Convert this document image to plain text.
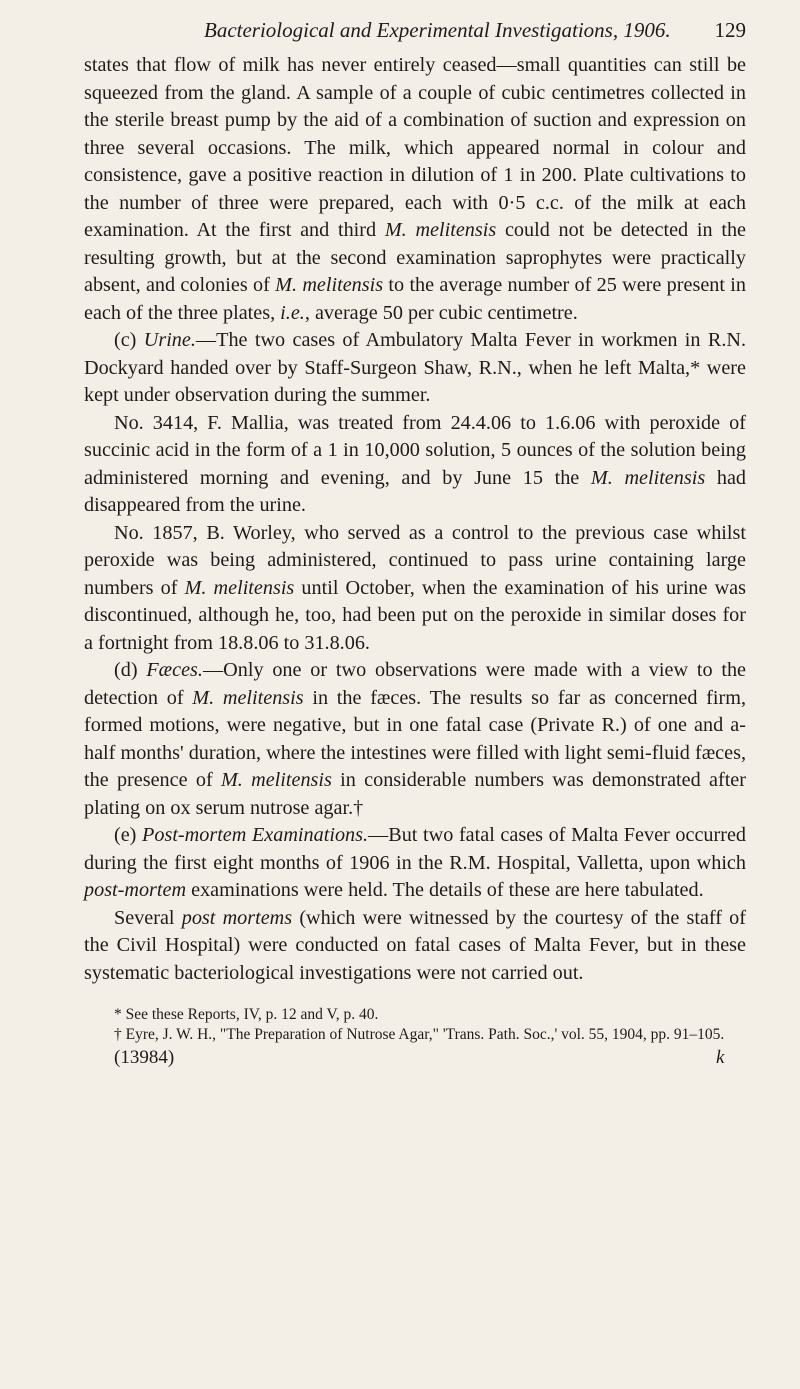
Bacteriological and Experimental Investigations, 1906. 129

states that flow of milk has never entirely ceased—small quantities can still be squeezed from the gland. A sample of a couple of cubic centimetres collected in the sterile breast pump by the aid of a combination of suction and expression on three several occasions. The milk, which appeared normal in colour and consistence, gave a positive reaction in dilution of 1 in 200. Plate cultivations to the number of three were prepared, each with 0·5 c.c. of the milk at each examination. At the first and third M. melitensis could not be detected in the resulting growth, but at the second examination saprophytes were practically absent, and colonies of M. melitensis to the average number of 25 were present in each of the three plates, i.e., average 50 per cubic centimetre.

(c) Urine.—The two cases of Ambulatory Malta Fever in workmen in R.N. Dockyard handed over by Staff-Surgeon Shaw, R.N., when he left Malta,* were kept under observation during the summer.

No. 3414, F. Mallia, was treated from 24.4.06 to 1.6.06 with peroxide of succinic acid in the form of a 1 in 10,000 solution, 5 ounces of the solution being administered morning and evening, and by June 15 the M. melitensis had disappeared from the urine.

No. 1857, B. Worley, who served as a control to the previous case whilst peroxide was being administered, continued to pass urine containing large numbers of M. melitensis until October, when the examination of his urine was discontinued, although he, too, had been put on the peroxide in similar doses for a fortnight from 18.8.06 to 31.8.06.

(d) Fæces.—Only one or two observations were made with a view to the detection of M. melitensis in the fæces. The results so far as concerned firm, formed motions, were negative, but in one fatal case (Private R.) of one and a-half months' duration, where the intestines were filled with light semi-fluid fæces, the presence of M. melitensis in considerable numbers was demonstrated after plating on ox serum nutrose agar.†

(e) Post-mortem Examinations.—But two fatal cases of Malta Fever occurred during the first eight months of 1906 in the R.M. Hospital, Valletta, upon which post-mortem examinations were held. The details of these are here tabulated.

Several post mortems (which were witnessed by the courtesy of the staff of the Civil Hospital) were conducted on fatal cases of Malta Fever, but in these systematic bacteriological investigations were not carried out.

* See these Reports, IV, p. 12 and V, p. 40.

† Eyre, J. W. H., "The Preparation of Nutrose Agar," 'Trans. Path. Soc.,' vol. 55, 1904, pp. 91–105.

(13984)	k
